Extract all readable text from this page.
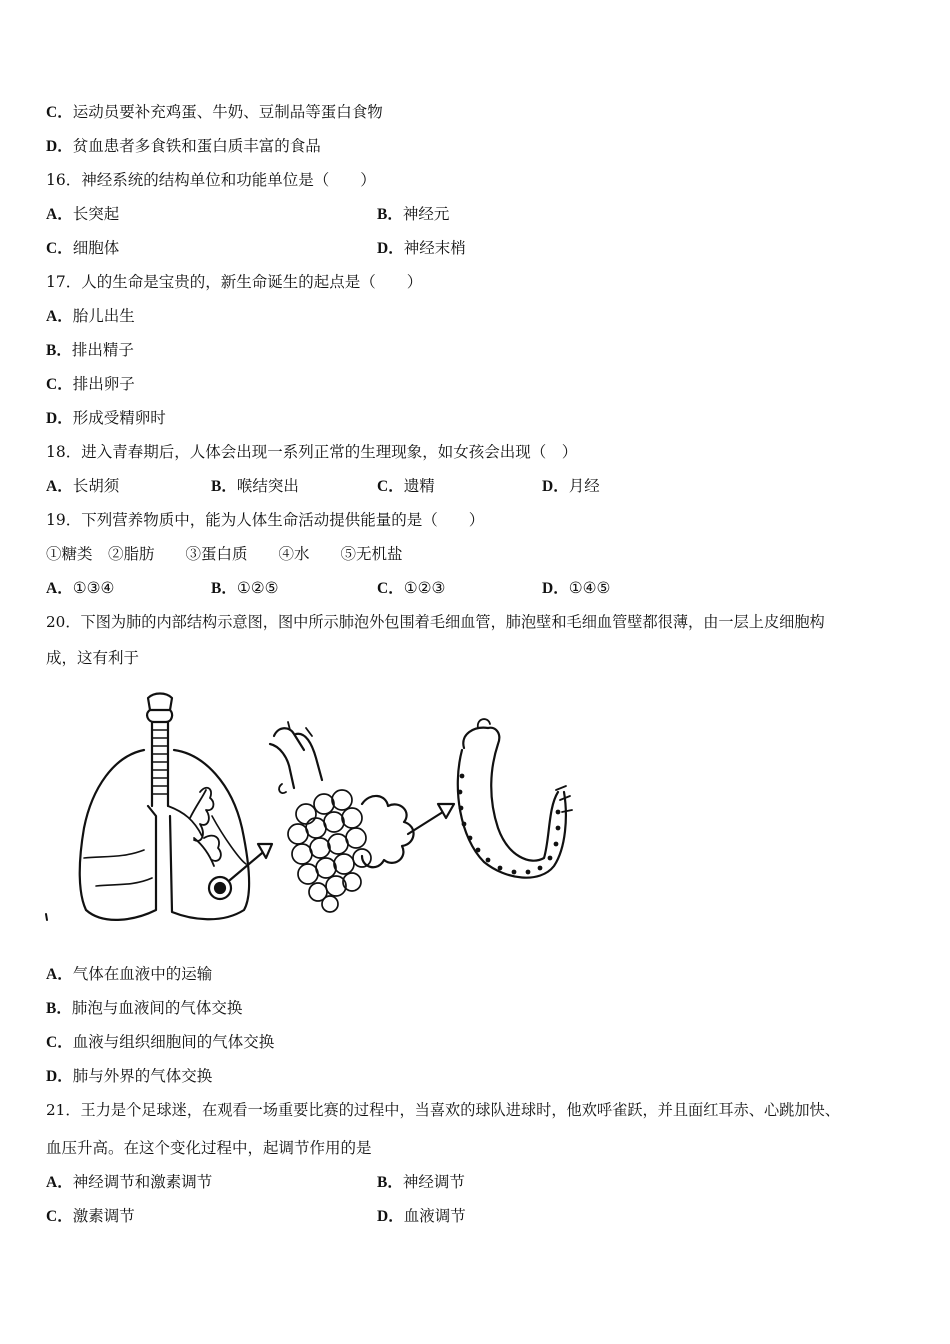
C．运动员要补充鸡蛋、牛奶、豆制品等蛋白食物
D．贫血患者多食铁和蛋白质丰富的食品
16．神经系统的结构单位和功能单位是（　　）
A．长突起	B．神经元
C．细胞体	D．神经末梢
17．人的生命是宝贵的，新生命诞生的起点是（　　）
A．胎儿出生
B．排出精子
C．排出卵子
D．形成受精卵时
18．进入青春期后，人体会出现一系列正常的生理现象，如女孩会出现（　）
A．长胡须	B．喉结突出	C．遗精	D．月经
19．下列营养物质中，能为人体生命活动提供能量的是（　　）
①糖类　②脂肪　　③蛋白质　　④水　　⑤无机盐
A．①③④	B．①②⑤	C．①②③	D．①④⑤
20．下图为肺的内部结构示意图，图中所示肺泡外包围着毛细血管，肺泡壁和毛细血管壁都很薄，由一层上皮细胞构
成，这有利于
A．气体在血液中的运输
B．肺泡与血液间的气体交换
C．血液与组织细胞间的气体交换
D．肺与外界的气体交换
21．王力是个足球迷，在观看一场重要比赛的过程中，当喜欢的球队进球时，他欢呼雀跃，并且面红耳赤、心跳加快、
血压升高。在这个变化过程中，起调节作用的是
A．神经调节和激素调节	B．神经调节
C．激素调节	D．血液调节
